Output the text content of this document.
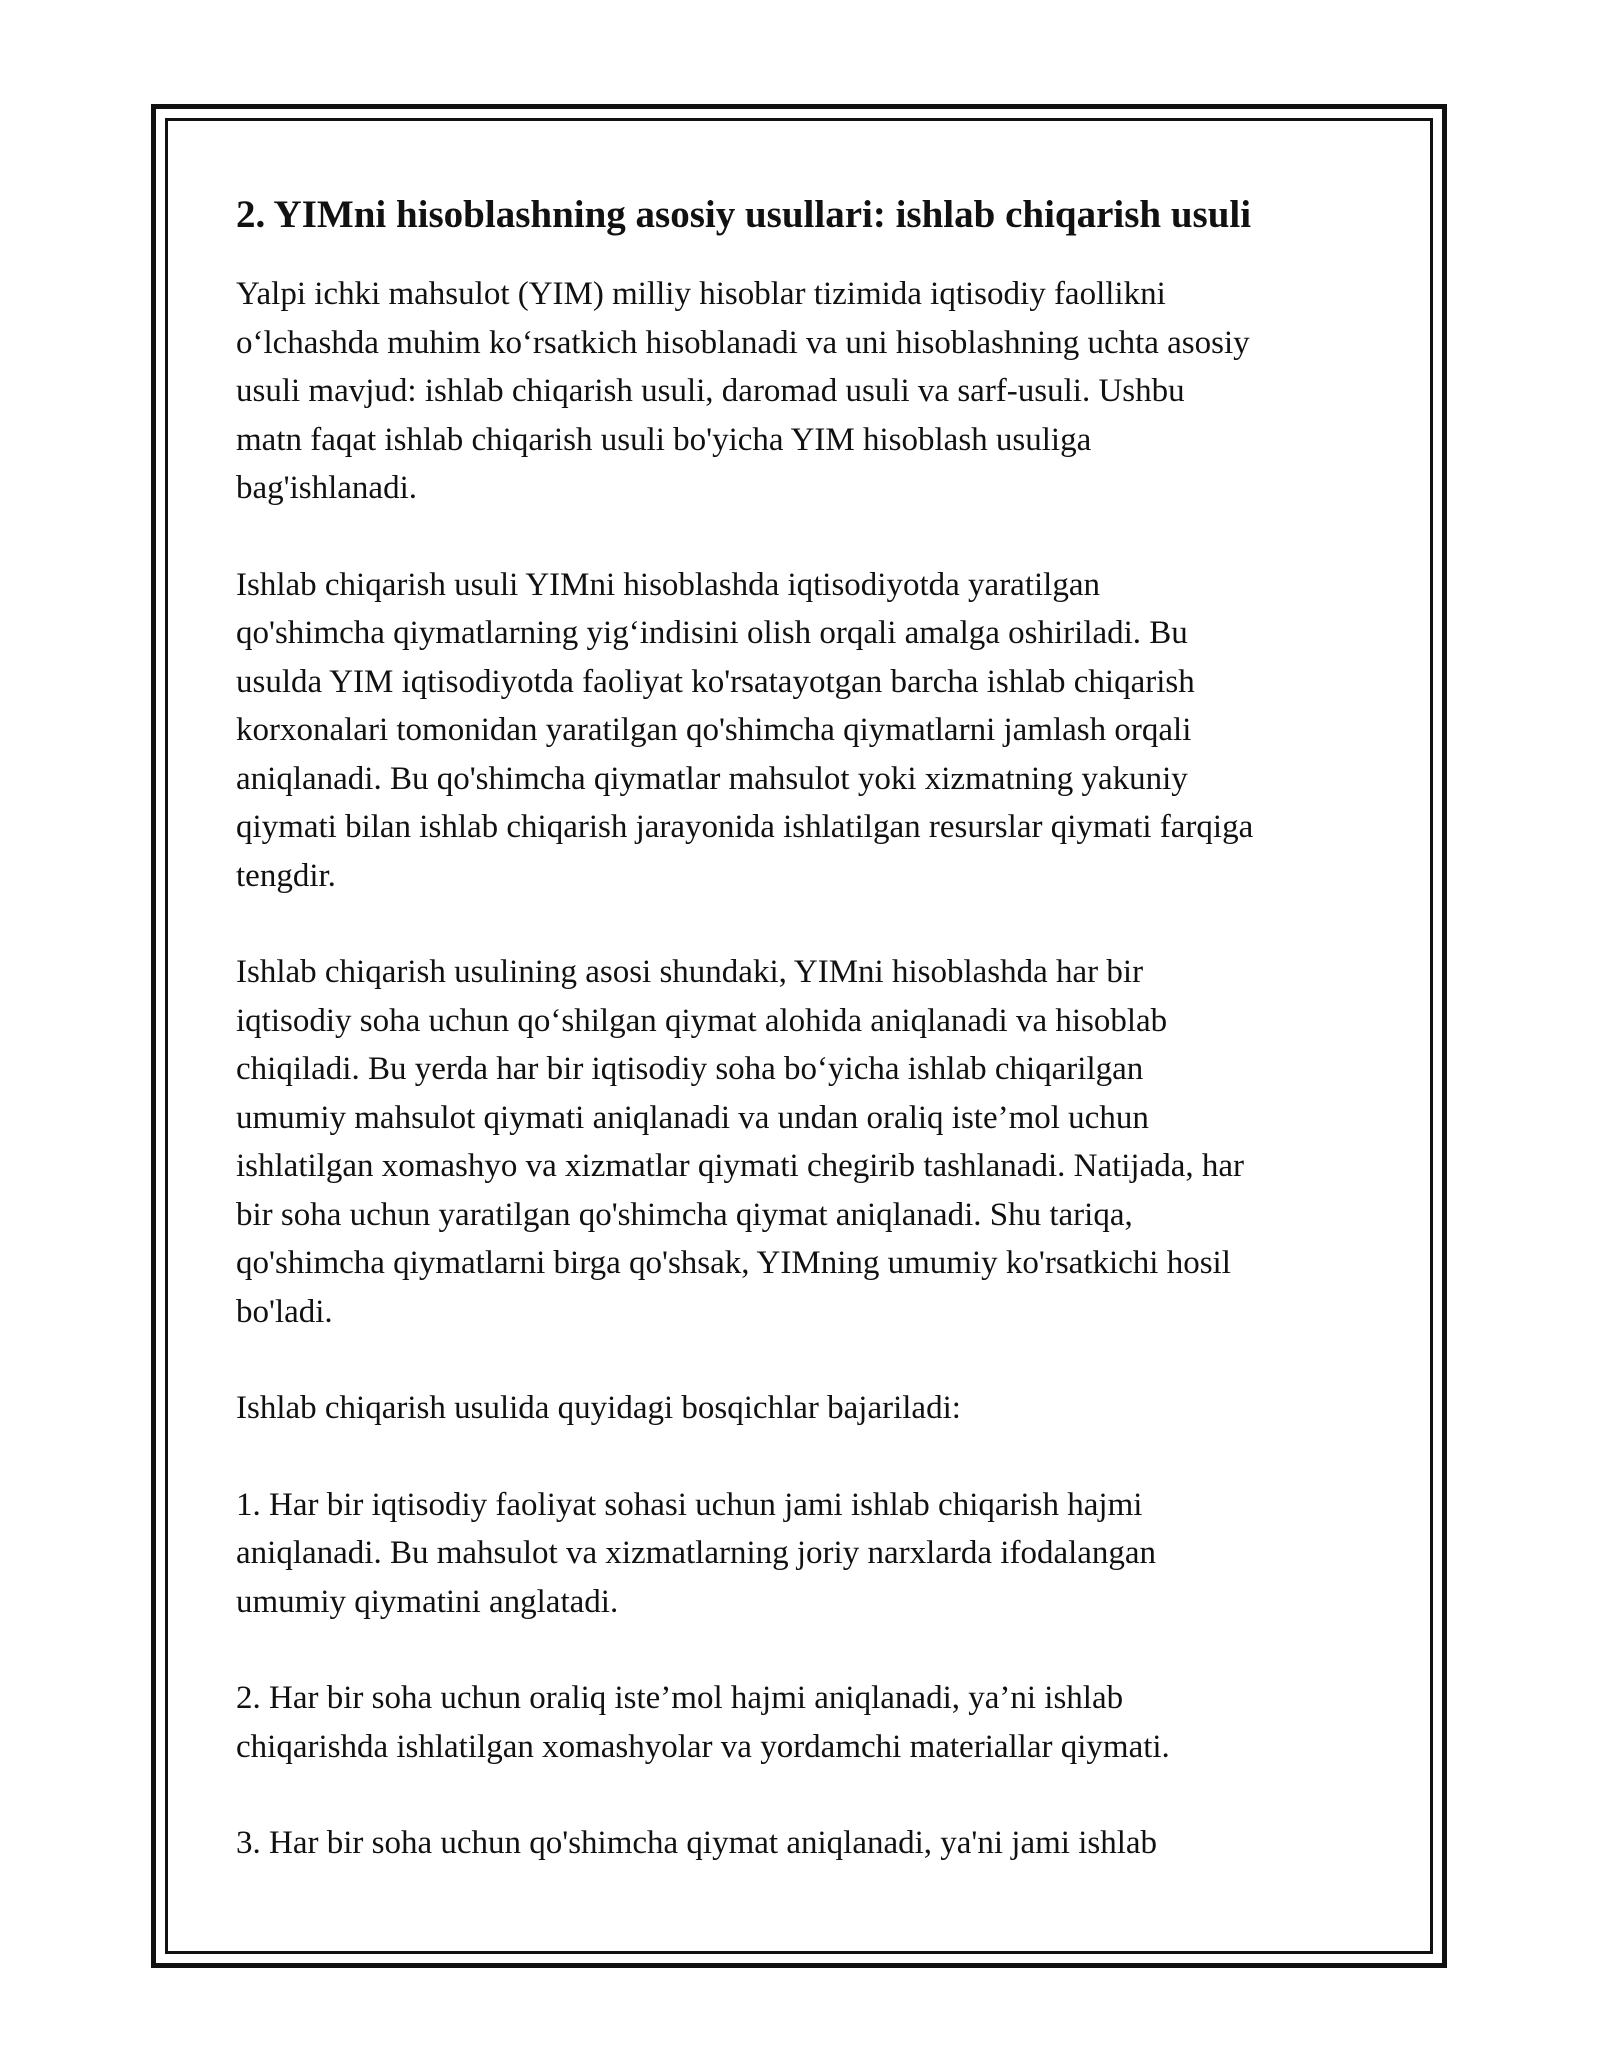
2. YIMni hisoblashning asosiy usullari: ishlab chiqarish usuli

Yalpi ichki mahsulot (YIM) milliy hisoblar tizimida iqtisodiy faollikni
o‘lchashda muhim ko‘rsatkich hisoblanadi va uni hisoblashning uchta asosiy
usuli mavjud: ishlab chiqarish usuli, daromad usuli va sarf-usuli. Ushbu
matn faqat ishlab chiqarish usuli bo'yicha YIM hisoblash usuliga
bag'ishlanadi.

Ishlab chiqarish usuli YIMni hisoblashda iqtisodiyotda yaratilgan
qo'shimcha qiymatlarning yig‘indisini olish orqali amalga oshiriladi. Bu
usulda YIM iqtisodiyotda faoliyat ko'rsatayotgan barcha ishlab chiqarish
korxonalari tomonidan yaratilgan qo'shimcha qiymatlarni jamlash orqali
aniqlanadi. Bu qo'shimcha qiymatlar mahsulot yoki xizmatning yakuniy
qiymati bilan ishlab chiqarish jarayonida ishlatilgan resurslar qiymati farqiga
tengdir.

Ishlab chiqarish usulining asosi shundaki, YIMni hisoblashda har bir
iqtisodiy soha uchun qo‘shilgan qiymat alohida aniqlanadi va hisoblab
chiqiladi. Bu yerda har bir iqtisodiy soha bo‘yicha ishlab chiqarilgan
umumiy mahsulot qiymati aniqlanadi va undan oraliq iste’mol uchun
ishlatilgan xomashyo va xizmatlar qiymati chegirib tashlanadi. Natijada, har
bir soha uchun yaratilgan qo'shimcha qiymat aniqlanadi. Shu tariqa,
qo'shimcha qiymatlarni birga qo'shsak, YIMning umumiy ko'rsatkichi hosil
bo'ladi.

Ishlab chiqarish usulida quyidagi bosqichlar bajariladi:

1. Har bir iqtisodiy faoliyat sohasi uchun jami ishlab chiqarish hajmi
aniqlanadi. Bu mahsulot va xizmatlarning joriy narxlarda ifodalangan
umumiy qiymatini anglatadi.

2. Har bir soha uchun oraliq iste’mol hajmi aniqlanadi, ya’ni ishlab
chiqarishda ishlatilgan xomashyolar va yordamchi materiallar qiymati.

3. Har bir soha uchun qo'shimcha qiymat aniqlanadi, ya'ni jami ishlab
